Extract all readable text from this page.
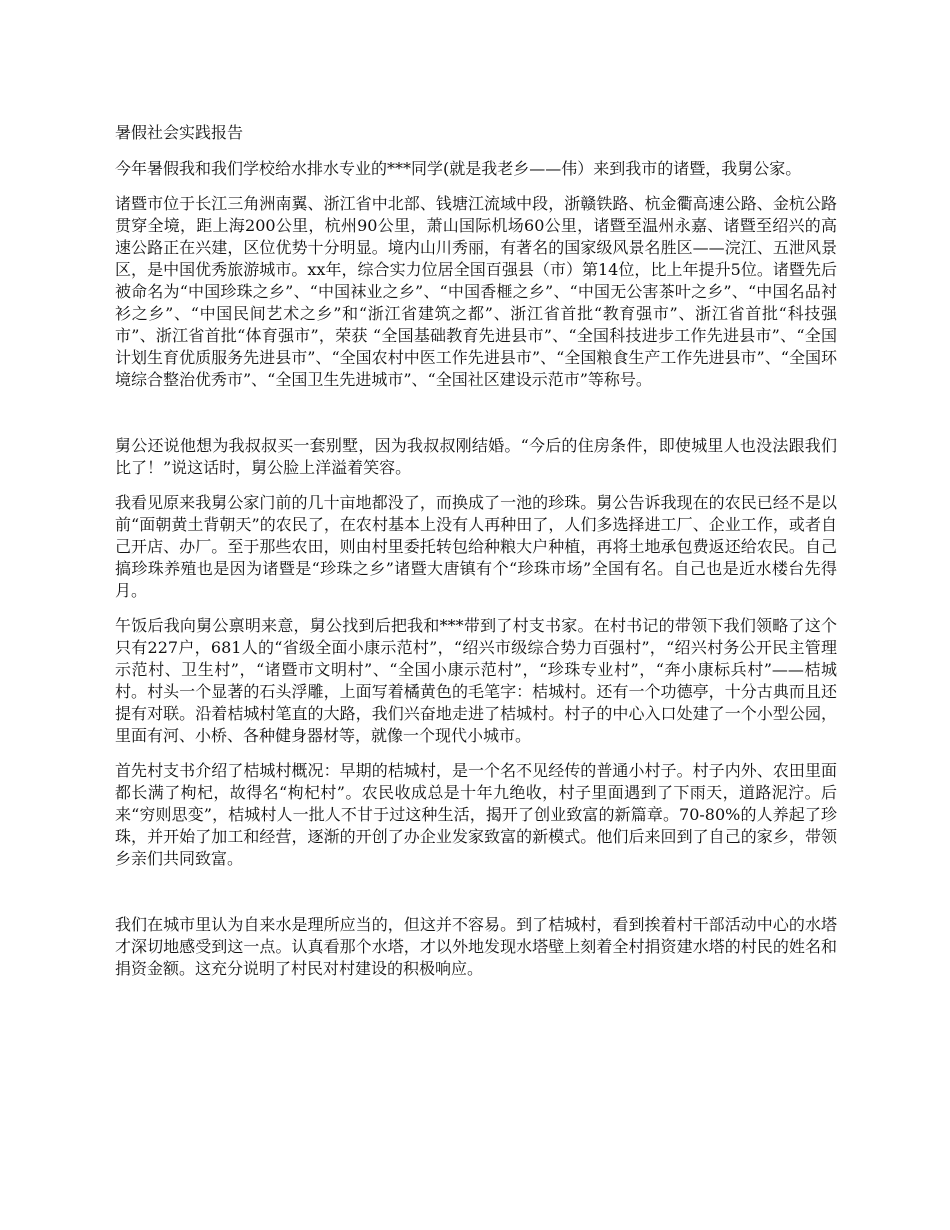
暑假社会实践报告

今年暑假我和我们学校给水排水专业的***同学(就是我老乡——伟）来到我市的诸暨，我舅公家。

诸暨市位于长江三角洲南翼、浙江省中北部、钱塘江流域中段，浙赣铁路、杭金衢高速公路、金杭公路贯穿全境，距上海200公里，杭州90公里，萧山国际机场60公里，诸暨至温州永嘉、诸暨至绍兴的高速公路正在兴建，区位优势十分明显。境内山川秀丽，有著名的国家级风景名胜区——浣江、五泄风景区，是中国优秀旅游城市。xx年，综合实力位居全国百强县（市）第14位，比上年提升5位。诸暨先后被命名为“中国珍珠之乡”、“中国袜业之乡”、“中国香榧之乡”、“中国无公害茶叶之乡”、“中国名品衬衫之乡”、“中国民间艺术之乡”和“浙江省建筑之都”、浙江省首批“教育强市”、浙江省首批“科技强市”、浙江省首批“体育强市”，荣获 “全国基础教育先进县市”、“全国科技进步工作先进县市”、“全国计划生育优质服务先进县市”、“全国农村中医工作先进县市”、“全国粮食生产工作先进县市”、“全国环境综合整治优秀市”、“全国卫生先进城市”、“全国社区建设示范市”等称号。

舅公还说他想为我叔叔买一套别墅，因为我叔叔刚结婚。“今后的住房条件，即使城里人也没法跟我们比了！”说这话时，舅公脸上洋溢着笑容。

我看见原来我舅公家门前的几十亩地都没了，而换成了一池的珍珠。舅公告诉我现在的农民已经不是以前“面朝黄土背朝天”的农民了，在农村基本上没有人再种田了，人们多选择进工厂、企业工作，或者自己开店、办厂。至于那些农田，则由村里委托转包给种粮大户种植，再将土地承包费返还给农民。自己搞珍珠养殖也是因为诸暨是“珍珠之乡”诸暨大唐镇有个“珍珠市场”全国有名。自己也是近水楼台先得月。

午饭后我向舅公禀明来意，舅公找到后把我和***带到了村支书家。在村书记的带领下我们领略了这个只有227户，681人的“省级全面小康示范村”，“绍兴市级综合势力百强村”，“绍兴村务公开民主管理示范村、卫生村”，“诸暨市文明村”、“全国小康示范村”，“珍珠专业村”，“奔小康标兵村”——桔城村。村头一个显著的石头浮雕，上面写着橘黄色的毛笔字：桔城村。还有一个功德亭，十分古典而且还提有对联。沿着桔城村笔直的大路，我们兴奋地走进了桔城村。村子的中心入口处建了一个小型公园，里面有河、小桥、各种健身器材等，就像一个现代小城市。

首先村支书介绍了桔城村概况：早期的桔城村，是一个名不见经传的普通小村子。村子内外、农田里面都长满了枸杞，故得名“枸杞村”。农民收成总是十年九绝收，村子里面遇到了下雨天，道路泥泞。后来“穷则思变”，桔城村人一批人不甘于过这种生活，揭开了创业致富的新篇章。70-80%的人养起了珍珠，并开始了加工和经营，逐渐的开创了办企业发家致富的新模式。他们后来回到了自己的家乡，带领乡亲们共同致富。

我们在城市里认为自来水是理所应当的，但这并不容易。到了桔城村，看到挨着村干部活动中心的水塔才深切地感受到这一点。认真看那个水塔，才以外地发现水塔壁上刻着全村捐资建水塔的村民的姓名和捐资金额。这充分说明了村民对村建设的积极响应。
